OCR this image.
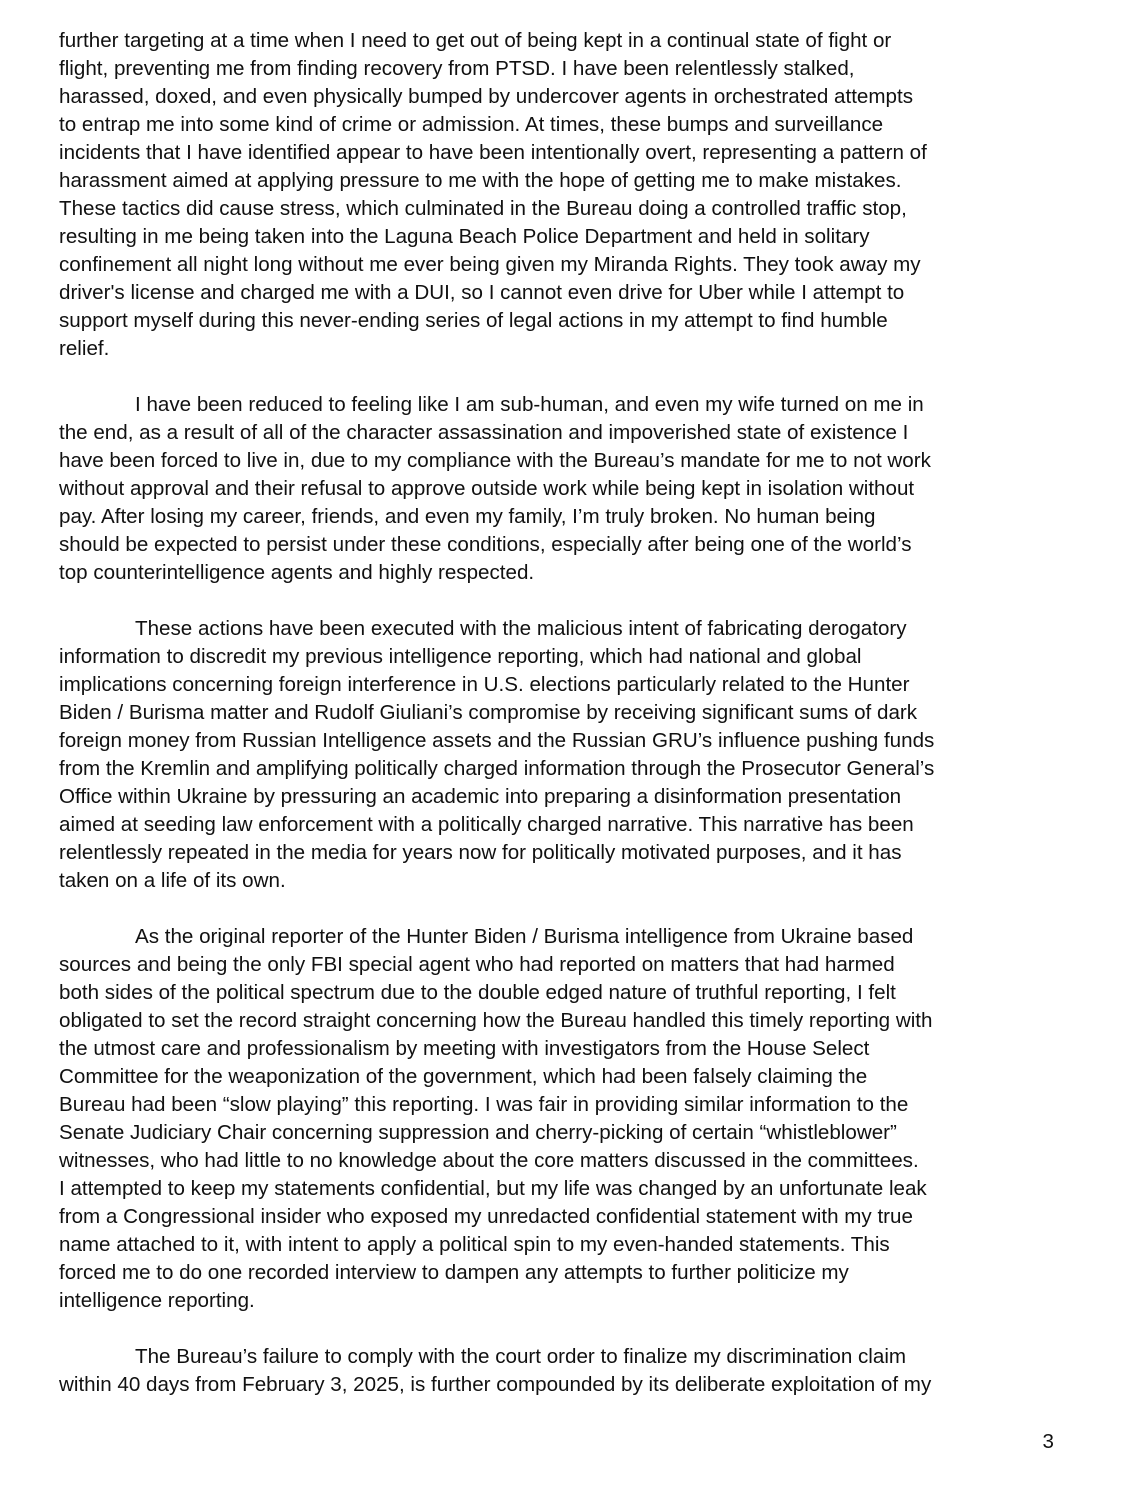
further targeting at a time when I need to get out of being kept in a continual state of fight or
flight, preventing me from finding recovery from PTSD. I have been relentlessly stalked,
harassed, doxed, and even physically bumped by undercover agents in orchestrated attempts
to entrap me into some kind of crime or admission. At times, these bumps and surveillance
incidents that I have identified appear to have been intentionally overt, representing a pattern of
harassment aimed at applying pressure to me with the hope of getting me to make mistakes.
These tactics did cause stress, which culminated in the Bureau doing a controlled traffic stop,
resulting in me being taken into the Laguna Beach Police Department and held in solitary
confinement all night long without me ever being given my Miranda Rights. They took away my
driver's license and charged me with a DUI, so I cannot even drive for Uber while I attempt to
support myself during this never-ending series of legal actions in my attempt to find humble
relief.
I have been reduced to feeling like I am sub-human, and even my wife turned on me in
the end, as a result of all of the character assassination and impoverished state of existence I
have been forced to live in, due to my compliance with the Bureau’s mandate for me to not work
without approval and their refusal to approve outside work while being kept in isolation without
pay. After losing my career, friends, and even my family, I’m truly broken. No human being
should be expected to persist under these conditions, especially after being one of the world’s
top counterintelligence agents and highly respected.
These actions have been executed with the malicious intent of fabricating derogatory
information to discredit my previous intelligence reporting, which had national and global
implications concerning foreign interference in U.S. elections particularly related to the Hunter
Biden / Burisma matter and Rudolf Giuliani’s compromise by receiving significant sums of dark
foreign money from Russian Intelligence assets and the Russian GRU’s influence pushing funds
from the Kremlin and amplifying politically charged information through the Prosecutor General’s
Office within Ukraine by pressuring an academic into preparing a disinformation presentation
aimed at seeding law enforcement with a politically charged narrative. This narrative has been
relentlessly repeated in the media for years now for politically motivated purposes, and it has
taken on a life of its own.
As the original reporter of the Hunter Biden / Burisma intelligence from Ukraine based
sources and being the only FBI special agent who had reported on matters that had harmed
both sides of the political spectrum due to the double edged nature of truthful reporting, I felt
obligated to set the record straight concerning how the Bureau handled this timely reporting with
the utmost care and professionalism by meeting with investigators from the House Select
Committee for the weaponization of the government, which had been falsely claiming the
Bureau had been “slow playing” this reporting. I was fair in providing similar information to the
Senate Judiciary Chair concerning suppression and cherry-picking of certain “whistleblower”
witnesses, who had little to no knowledge about the core matters discussed in the committees.
I attempted to keep my statements confidential, but my life was changed by an unfortunate leak
from a Congressional insider who exposed my unredacted confidential statement with my true
name attached to it, with intent to apply a political spin to my even-handed statements. This
forced me to do one recorded interview to dampen any attempts to further politicize my
intelligence reporting.
The Bureau’s failure to comply with the court order to finalize my discrimination claim
within 40 days from February 3, 2025, is further compounded by its deliberate exploitation of my
3
